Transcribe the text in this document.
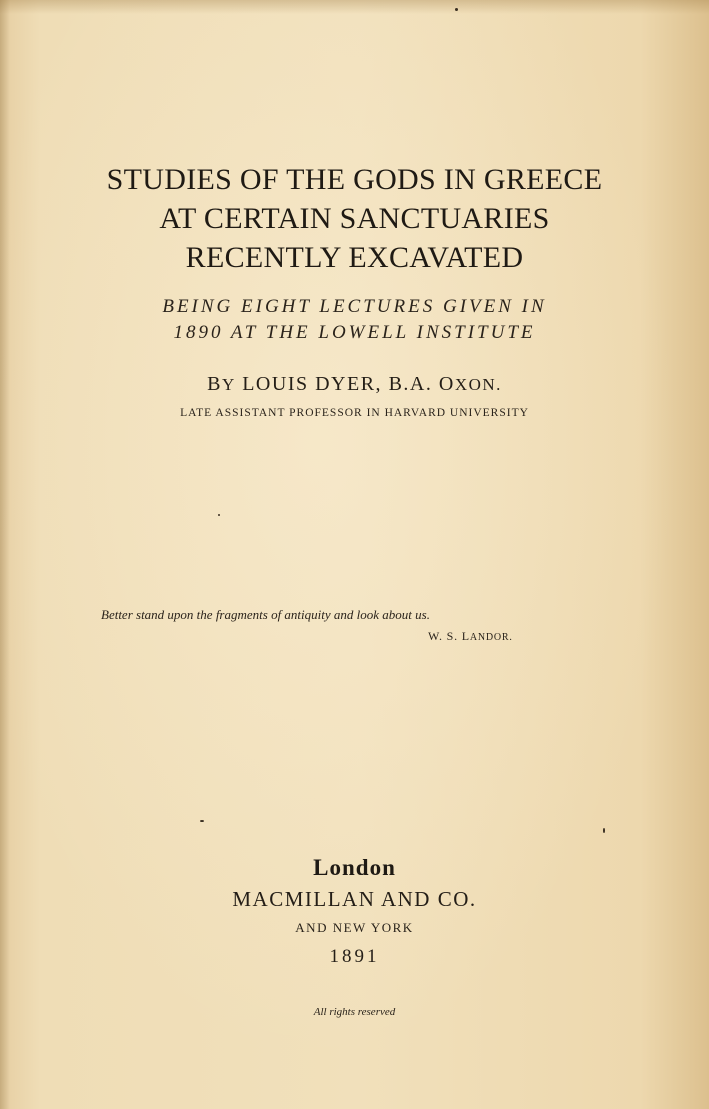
STUDIES OF THE GODS IN GREECE

AT CERTAIN SANCTUARIES

RECENTLY EXCAVATED

BEING EIGHT LECTURES GIVEN IN

1890 AT THE LOWELL INSTITUTE

BY LOUIS DYER, B.A. OXON.

LATE ASSISTANT PROFESSOR IN HARVARD UNIVERSITY

Better stand upon the fragments of antiquity and look about us.

W. S. LANDOR.

London

MACMILLAN AND CO.

AND NEW YORK

1891

All rights reserved
